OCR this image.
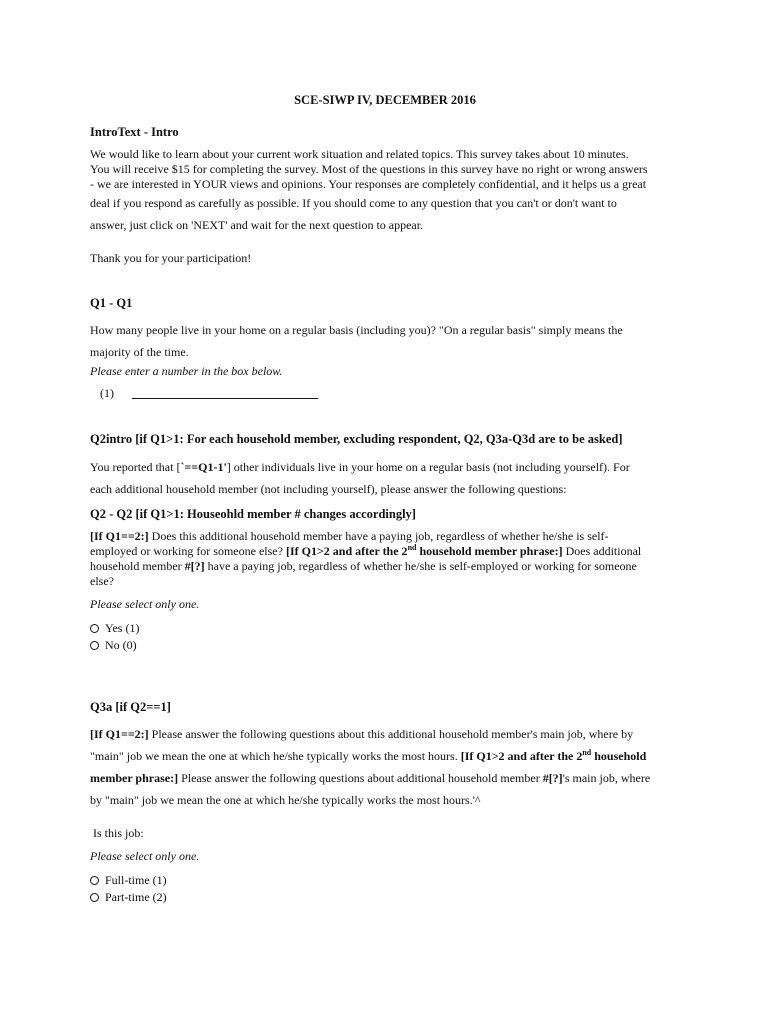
SCE-SIWP IV, DECEMBER 2016
IntroText - Intro
We would like to learn about your current work situation and related topics. This survey takes about 10 minutes.
You will receive $15 for completing the survey. Most of the questions in this survey have no right or wrong answers
- we are interested in YOUR views and opinions. Your responses are completely confidential, and it helps us a great
deal if you respond as carefully as possible. If you should come to any question that you can't or don't want to
answer, just click on 'NEXT' and wait for the next question to appear.
Thank you for your participation!
Q1 - Q1
How many people live in your home on a regular basis (including you)? "On a regular basis" simply means the
majority of the time.
Please enter a number in the box below.
(1)
Q2intro [if Q1>1: For each household member, excluding respondent, Q2, Q3a-Q3d are to be asked]
You reported that [`==Q1-1'] other individuals live in your home on a regular basis (not including yourself). For
each additional household member (not including yourself), please answer the following questions:
Q2 - Q2 [if Q1>1: Houseohld member # changes accordingly]
[If Q1==2:] Does this additional household member have a paying job, regardless of whether he/she is self-
employed or working for someone else? [If Q1>2 and after the 2nd household member phrase:] Does additional
household member #[?] have a paying job, regardless of whether he/she is self-employed or working for someone
else?
Please select only one.
Yes (1)
No (0)
Q3a [if Q2==1]
[If Q1==2:] Please answer the following questions about this additional household member's main job, where by
"main" job we mean the one at which he/she typically works the most hours. [If Q1>2 and after the 2nd household
member phrase:] Please answer the following questions about additional household member #[?]'s main job, where
by "main" job we mean the one at which he/she typically works the most hours.'^
Is this job:
Please select only one.
Full-time (1)
Part-time (2)
